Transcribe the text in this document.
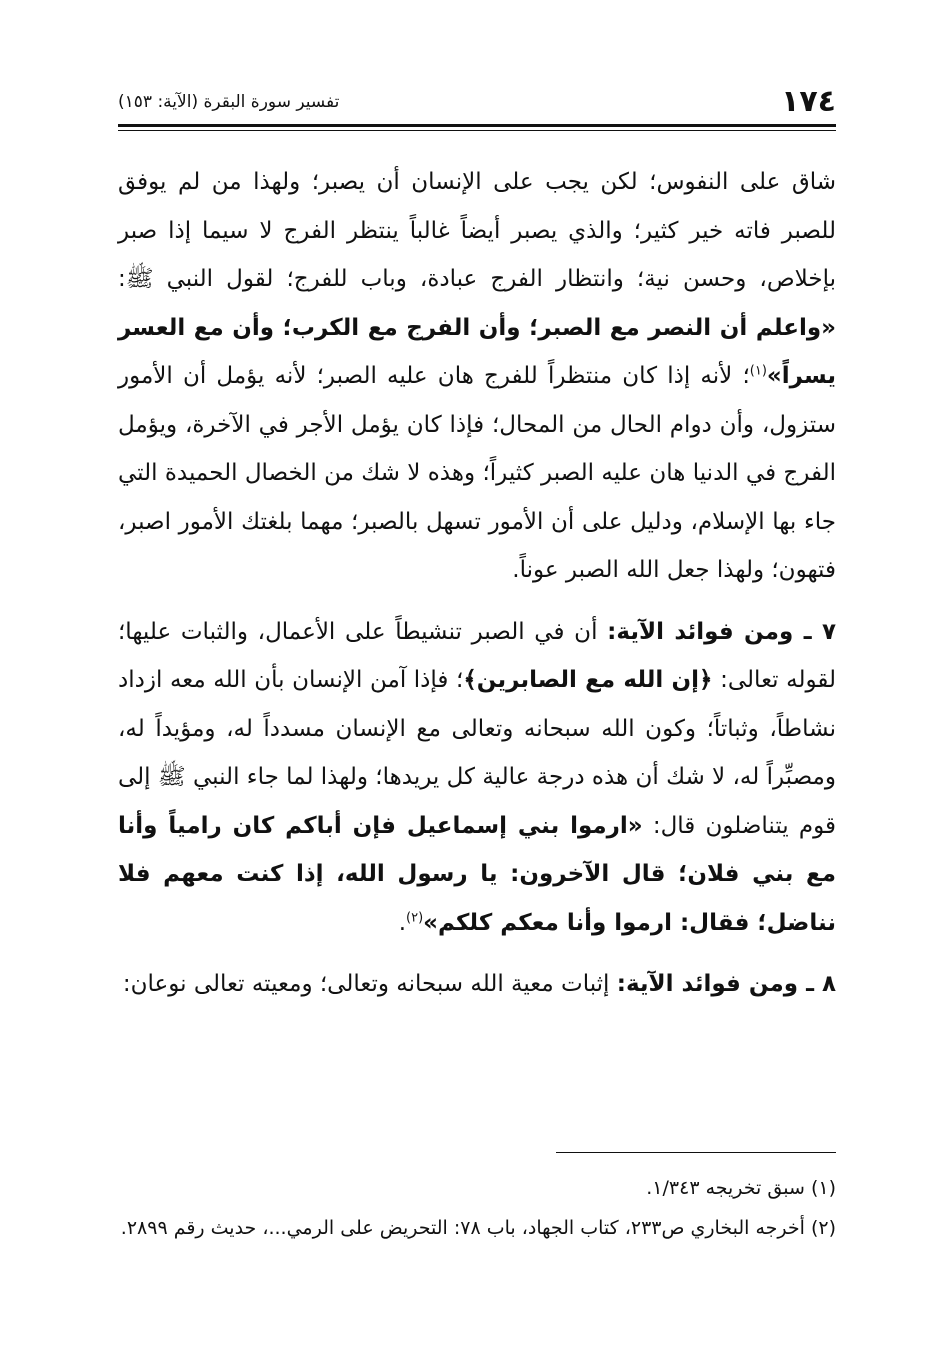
١٧٤
تفسير سورة البقرة (الآية: ١٥٣)

شاق على النفوس؛ لكن يجب على الإنسان أن يصبر؛ ولهذا من لم يوفق للصبر فاته خير كثير؛ والذي يصبر أيضاً غالباً ينتظر الفرج لا سيما إذا صبر بإخلاص، وحسن نية؛ وانتظار الفرج عبادة، وباب للفرج؛ لقول النبي ﷺ: «واعلم أن النصر مع الصبر؛ وأن الفرج مع الكرب؛ وأن مع العسر يسراً»$^{(١)}$؛ لأنه إذا كان منتظراً للفرج هان عليه الصبر؛ لأنه يؤمل أن الأمور ستزول، وأن دوام الحال من المحال؛ فإذا كان يؤمل الأجر في الآخرة، ويؤمل الفرج في الدنيا هان عليه الصبر كثيراً؛ وهذه لا شك من الخصال الحميدة التي جاء بها الإسلام، ودليل على أن الأمور تسهل بالصبر؛ مهما بلغتك الأمور اصبر، فتهون؛ ولهذا جعل الله الصبر عوناً.

٧ ـ ومن فوائد الآية: أن في الصبر تنشيطاً على الأعمال، والثبات عليها؛ لقوله تعالى: ﴿إن الله مع الصابرين﴾؛ فإذا آمن الإنسان بأن الله معه ازداد نشاطاً، وثباتاً؛ وكون الله سبحانه وتعالى مع الإنسان مسدداً له، ومؤيداً له، ومصبِّراً له، لا شك أن هذه درجة عالية كل يريدها؛ ولهذا لما جاء النبي ﷺ إلى قوم يتناضلون قال: «ارموا بني إسماعيل فإن أباكم كان رامياً وأنا مع بني فلان؛ قال الآخرون: يا رسول الله، إذا كنت معهم فلا نناضل؛ فقال: ارموا وأنا معكم كلكم»$^{(٢)}$.

٨ ـ ومن فوائد الآية: إثبات معية الله سبحانه وتعالى؛ ومعيته تعالى نوعان:

(١) سبق تخريجه ١/٣٤٣.

(٢) أخرجه البخاري ص٢٣٣، كتاب الجهاد، باب ٧٨: التحريض على الرمي...، حديث رقم ٢٨٩٩.
